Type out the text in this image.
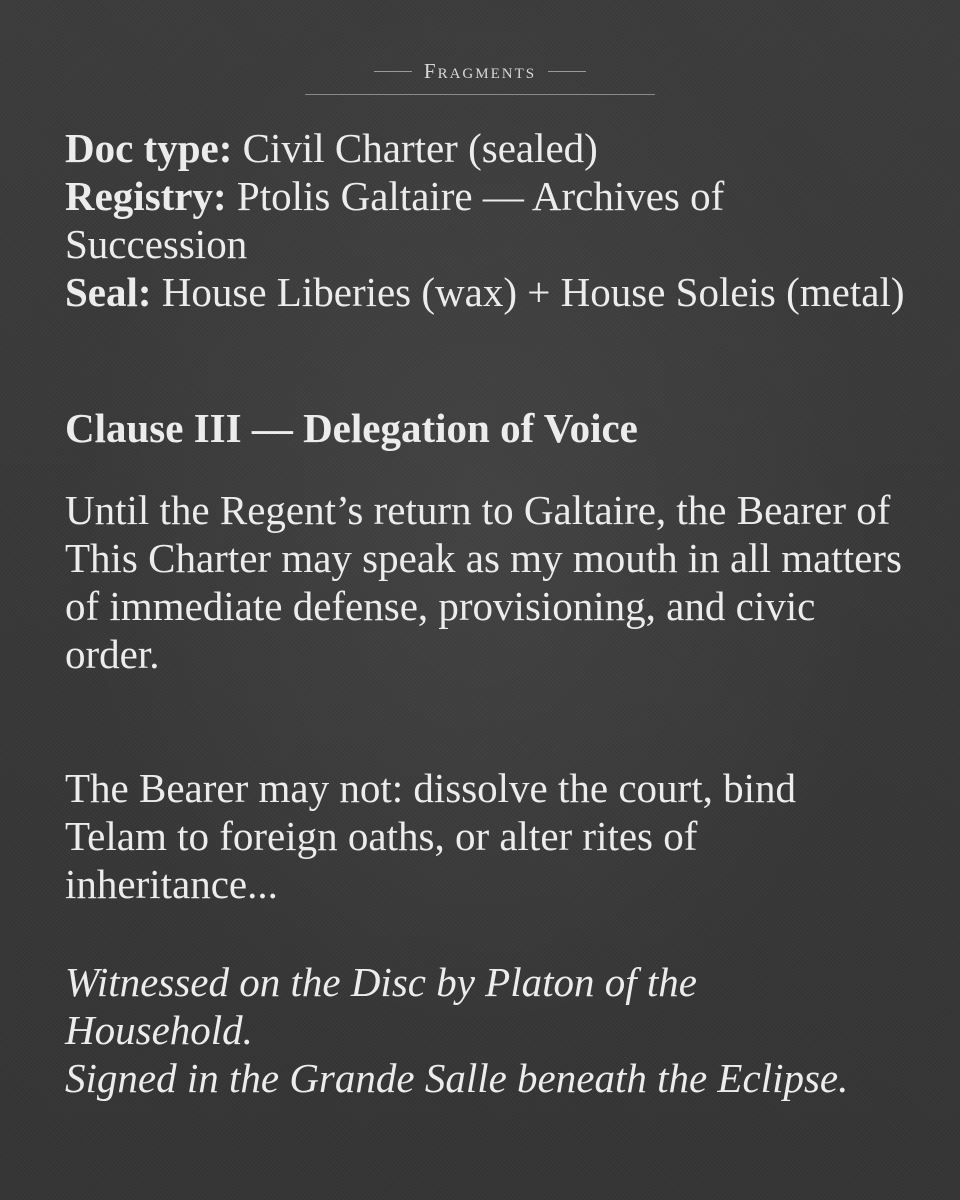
Fragments

Doc type: Civil Charter (sealed)
Registry: Ptolis Galtaire — Archives of Succession
Seal: House Liberies (wax) + House Soleis (metal)

Clause III — Delegation of Voice

Until the Regent’s return to Galtaire, the Bearer of This Charter may speak as my mouth in all matters of immediate defense, provisioning, and civic order.

The Bearer may not: dissolve the court, bind Telam to foreign oaths, or alter rites of inheritance...

Witnessed on the Disc by Platon of the Household.
Signed in the Grande Salle beneath the Eclipse.
